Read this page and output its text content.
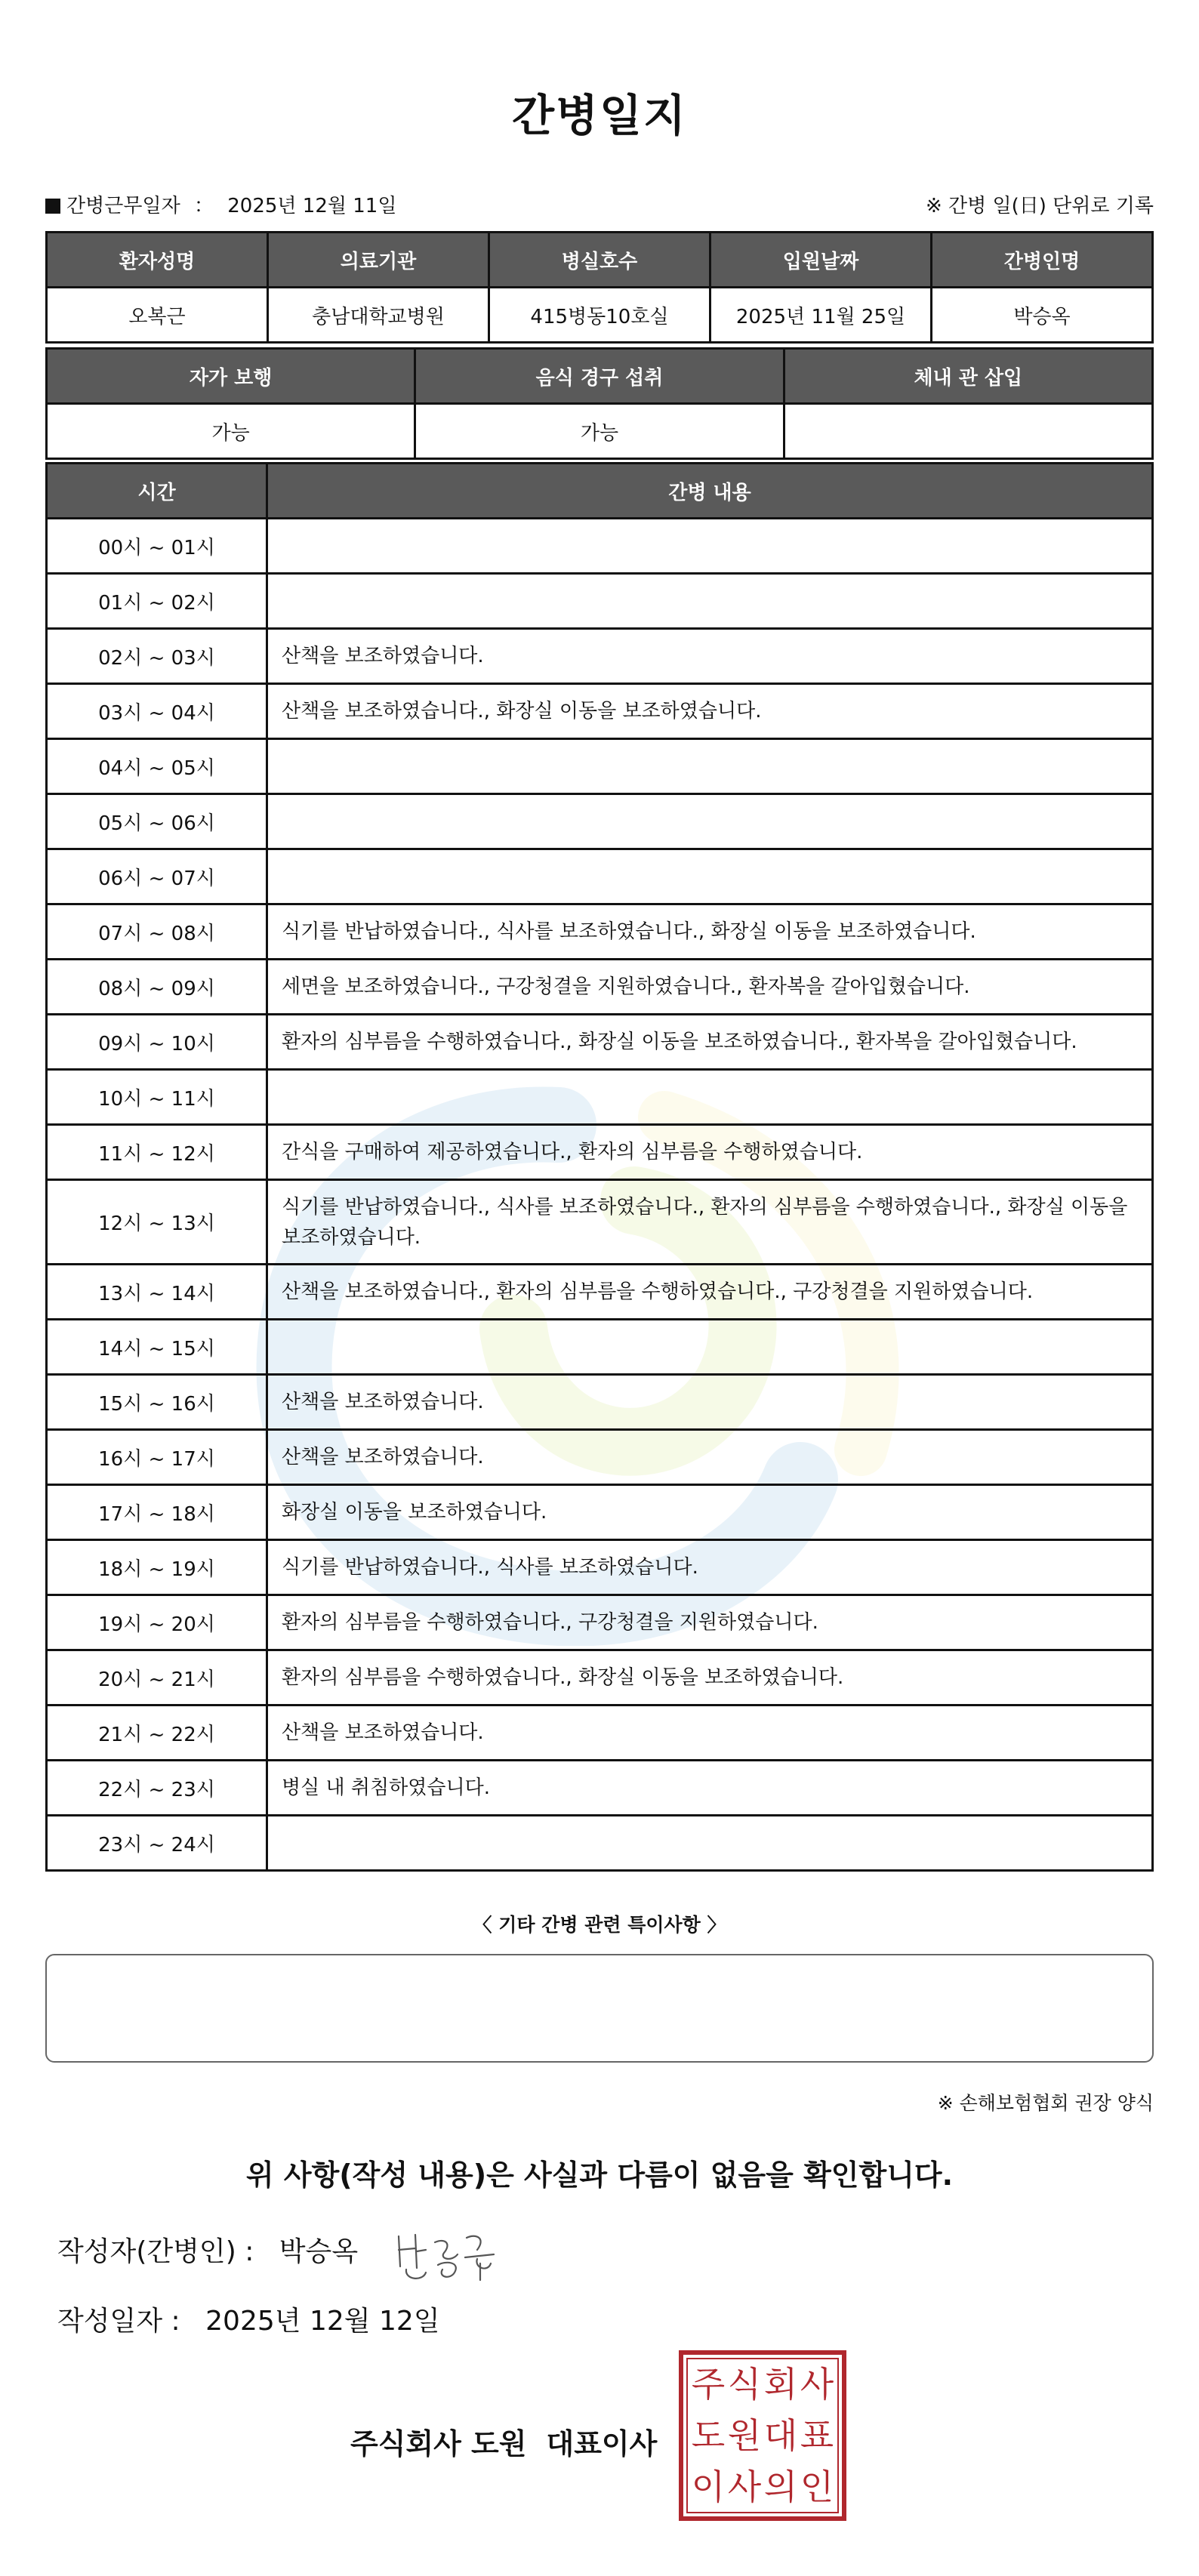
간병일지
간병근무일자 ： 2025년 12월 11일	※ 간병 일(日) 단위로 기록
환자성명	의료기관	병실호수	입원날짜	간병인명
오복근	충남대학교병원	415병동10호실	2025년 11월 25일	박승옥
자가 보행	음식 경구 섭취	체내 관 삽입
가능	가능	
시간	간병 내용
00시 ~ 01시	
01시 ~ 02시	
02시 ~ 03시	산책을 보조하였습니다.
03시 ~ 04시	산책을 보조하였습니다., 화장실 이동을 보조하였습니다.
04시 ~ 05시	
05시 ~ 06시	
06시 ~ 07시	
07시 ~ 08시	식기를 반납하였습니다., 식사를 보조하였습니다., 화장실 이동을 보조하였습니다.
08시 ~ 09시	세면을 보조하였습니다., 구강청결을 지원하였습니다., 환자복을 갈아입혔습니다.
09시 ~ 10시	환자의 심부름을 수행하였습니다., 화장실 이동을 보조하였습니다., 환자복을 갈아입혔습니다.
10시 ~ 11시	
11시 ~ 12시	간식을 구매하여 제공하였습니다., 환자의 심부름을 수행하였습니다.
12시 ~ 13시	식기를 반납하였습니다., 식사를 보조하였습니다., 환자의 심부름을 수행하였습니다., 화장실 이동을 보조하였습니다.
13시 ~ 14시	산책을 보조하였습니다., 환자의 심부름을 수행하였습니다., 구강청결을 지원하였습니다.
14시 ~ 15시	
15시 ~ 16시	산책을 보조하였습니다.
16시 ~ 17시	산책을 보조하였습니다.
17시 ~ 18시	화장실 이동을 보조하였습니다.
18시 ~ 19시	식기를 반납하였습니다., 식사를 보조하였습니다.
19시 ~ 20시	환자의 심부름을 수행하였습니다., 구강청결을 지원하였습니다.
20시 ~ 21시	환자의 심부름을 수행하였습니다., 화장실 이동을 보조하였습니다.
21시 ~ 22시	산책을 보조하였습니다.
22시 ~ 23시	병실 내 취침하였습니다.
23시 ~ 24시	
〈 기타 간병 관련 특이사항 〉
※ 손해보험협회 권장 양식
위 사항(작성 내용)은 사실과 다름이 없음을 확인합니다.
작성자(간병인) : 박승옥
작성일자 : 2025년 12월 12일
주식회사 도원 대표이사
주 식 회 사
도 원 대 표
이 사 의 인
